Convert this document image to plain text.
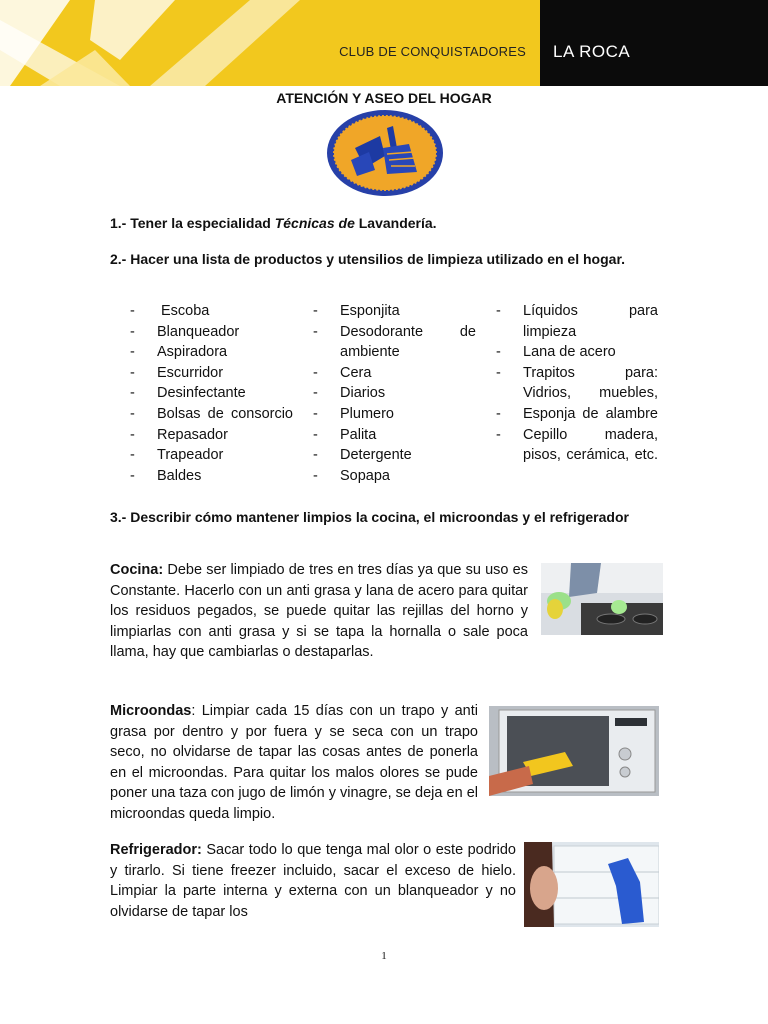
CLUB DE CONQUISTADORES LA ROCA
ATENCIÓN Y ASEO DEL HOGAR
1.- Tener la especialidad Técnicas de Lavandería.
2.- Hacer una lista de productos y utensilios de limpieza utilizado en el hogar.
- Escoba
- Blanqueador
- Aspiradora
- Escurridor
- Desinfectante
- Bolsas de consorcio
- Repasador
- Trapeador
- Baldes
- Esponjita
- Desodorante de ambiente
- Cera
- Diarios
- Plumero
- Palita
- Detergente
- Sopapa
- Líquidos para limpieza
- Lana de acero
- Trapitos para: Vidrios, muebles,
- Esponja de alambre
- Cepillo madera, pisos, cerámica, etc.
3.- Describir cómo mantener limpios la cocina, el microondas y el refrigerador
Cocina: Debe ser limpiado de tres en tres días ya que su uso es Constante. Hacerlo con un anti grasa y lana de acero para quitar los residuos pegados, se puede quitar las rejillas del horno y limpiarlas con anti grasa y si se tapa la hornalla o sale poca llama, hay que cambiarlas o destaparlas.
Microondas: Limpiar cada 15 días con un trapo y anti grasa por dentro y por fuera y se seca con un trapo seco, no olvidarse de tapar las cosas antes de ponerla en el microondas. Para quitar los malos olores se pude poner una taza con jugo de limón y vinagre, se deja en el microondas queda limpio.
Refrigerador: Sacar todo lo que tenga mal olor o este podrido y tirarlo. Si tiene freezer incluido, sacar el exceso de hielo. Limpiar la parte interna y externa con un blanqueador y no olvidarse de tapar los
1
